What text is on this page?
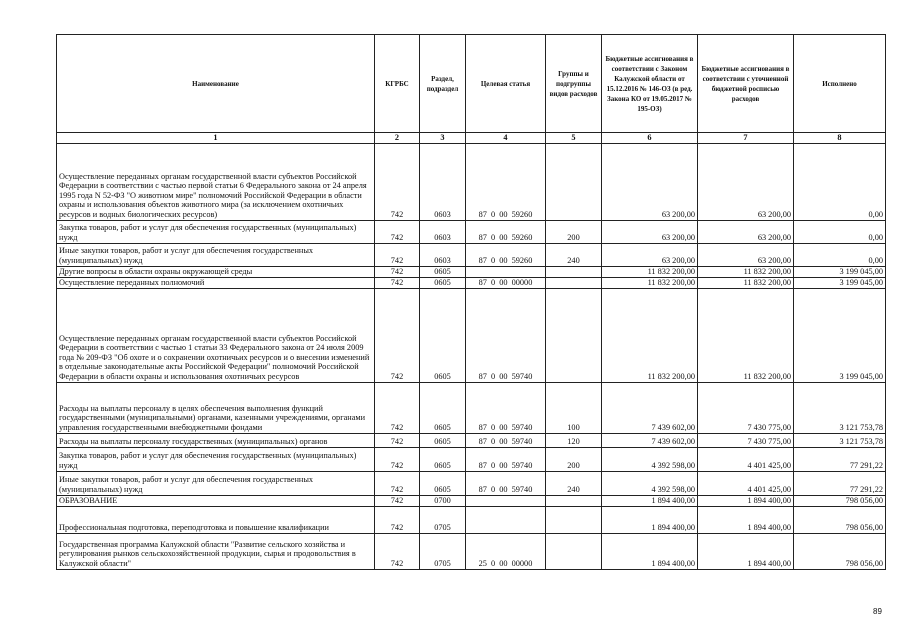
Наименование	КГРБС	Раздел, подраздел	Целевая статья	Группы и подгруппы видов расходов	Бюджетные ассигнования в соответствии с Законом Калужской области от 15.12.2016 № 146-ОЗ (в ред. Закона КО от 19.05.2017 № 195-ОЗ)	Бюджетные ассигнования в соответствии с уточненной бюджетной росписью расходов	Исполнено
1	2	3	4	5	6	7	8
Осуществление переданных органам государственной власти субъектов Российской Федерации в соответствии с частью первой статьи 6 Федерального закона от 24 апреля 1995 года N 52-ФЗ "О животном мире" полномочий Российской Федерации в области охраны и использования объектов животного мира (за исключением охотничьих ресурсов и водных биологических ресурсов)	742	0603	87 0 00 59260		63 200,00	63 200,00	0,00
Закупка товаров, работ и услуг для обеспечения государственных (муниципальных) нужд	742	0603	87 0 00 59260	200	63 200,00	63 200,00	0,00
Иные закупки товаров, работ и услуг для обеспечения государственных (муниципальных) нужд	742	0603	87 0 00 59260	240	63 200,00	63 200,00	0,00
Другие вопросы в области охраны окружающей среды	742	0605			11 832 200,00	11 832 200,00	3 199 045,00
Осуществление переданных полномочий	742	0605	87 0 00 00000		11 832 200,00	11 832 200,00	3 199 045,00
Осуществление переданных органам государственной власти субъектов Российской Федерации в соответствии с частью 1 статьи 33 Федерального закона от 24 июля 2009 года № 209-ФЗ "Об охоте и о сохранении охотничьих ресурсов и о внесении изменений в отдельные законодательные акты Российской Федерации" полномочий Российской Федерации в области охраны и использования охотничьих ресурсов	742	0605	87 0 00 59740		11 832 200,00	11 832 200,00	3 199 045,00
Расходы на выплаты персоналу в целях обеспечения выполнения функций государственными (муниципальными) органами, казенными учреждениями, органами управления государственными внебюджетными фондами	742	0605	87 0 00 59740	100	7 439 602,00	7 430 775,00	3 121 753,78
Расходы на выплаты персоналу государственных (муниципальных) органов	742	0605	87 0 00 59740	120	7 439 602,00	7 430 775,00	3 121 753,78
Закупка товаров, работ и услуг для обеспечения государственных (муниципальных) нужд	742	0605	87 0 00 59740	200	4 392 598,00	4 401 425,00	77 291,22
Иные закупки товаров, работ и услуг для обеспечения государственных (муниципальных) нужд	742	0605	87 0 00 59740	240	4 392 598,00	4 401 425,00	77 291,22
ОБРАЗОВАНИЕ	742	0700			1 894 400,00	1 894 400,00	798 056,00
Профессиональная подготовка, переподготовка и повышение квалификации	742	0705			1 894 400,00	1 894 400,00	798 056,00
Государственная программа Калужской области "Развитие сельского хозяйства и регулирования рынков сельскохозяйственной продукции, сырья и продовольствия в Калужской области"	742	0705	25 0 00 00000		1 894 400,00	1 894 400,00	798 056,00
89
